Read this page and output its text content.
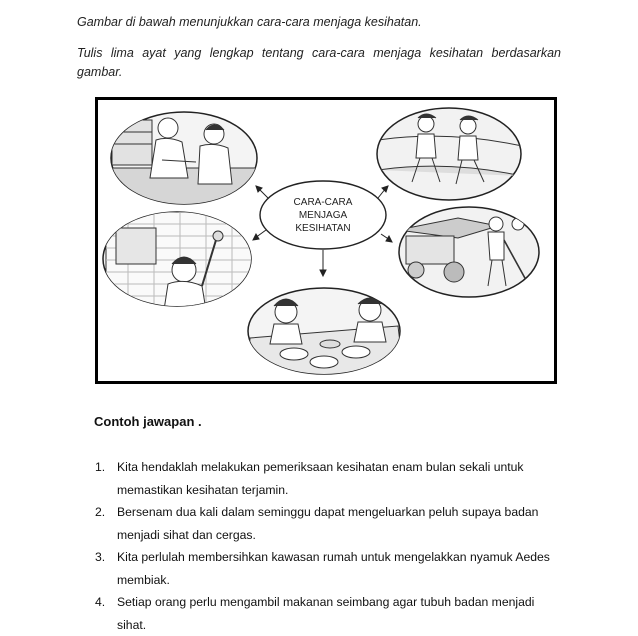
Gambar di bawah menunjukkan cara-cara menjaga kesihatan.
Tulis lima ayat yang lengkap tentang cara-cara menjaga kesihatan berdasarkan gambar.
CARA-CARA
MENJAGA
KESIHATAN
Contoh jawapan .
1. Kita hendaklah melakukan pemeriksaan kesihatan enam bulan sekali untuk memastikan kesihatan terjamin.
2. Bersenam dua kali dalam seminggu dapat mengeluarkan peluh supaya badan menjadi sihat dan cergas.
3. Kita perlulah membersihkan kawasan rumah untuk mengelakkan nyamuk Aedes membiak.
4. Setiap orang perlu mengambil makanan seimbang agar tubuh badan menjadi sihat.
